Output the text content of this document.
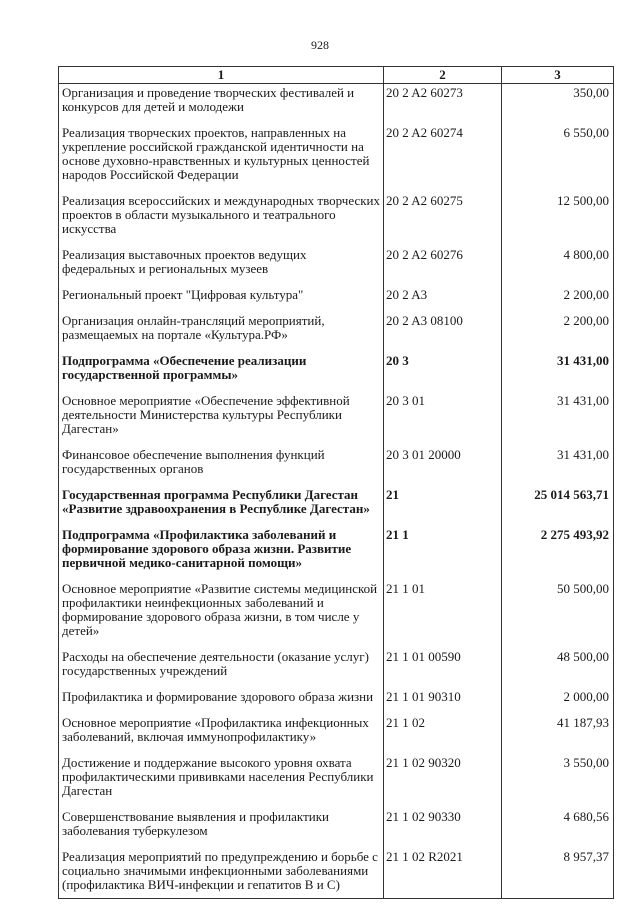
928
1	2	3
Организация и проведение творческих фестивалей и конкурсов для детей и молодежи	20 2 A2 60273	350,00
Реализация творческих проектов, направленных на укрепление российской гражданской идентичности на основе духовно-нравственных и культурных ценностей народов Российской Федерации	20 2 A2 60274	6 550,00
Реализация всероссийских и международных творческих проектов в области музыкального и театрального искусства	20 2 A2 60275	12 500,00
Реализация выставочных проектов ведущих федеральных и региональных музеев	20 2 A2 60276	4 800,00
Региональный проект "Цифровая культура"	20 2 A3	2 200,00
Организация онлайн-трансляций мероприятий, размещаемых на портале «Культура.РФ»	20 2 A3 08100	2 200,00
Подпрограмма «Обеспечение реализации государственной программы»	20 3	31 431,00
Основное мероприятие «Обеспечение эффективной деятельности Министерства культуры Республики Дагестан»	20 3 01	31 431,00
Финансовое обеспечение выполнения функций государственных органов	20 3 01 20000	31 431,00
Государственная программа Республики Дагестан «Развитие здравоохранения в Республике Дагестан»	21	25 014 563,71
Подпрограмма «Профилактика заболеваний и формирование здорового образа жизни. Развитие первичной медико-санитарной помощи»	21 1	2 275 493,92
Основное мероприятие «Развитие системы медицинской профилактики неинфекционных заболеваний и формирование здорового образа жизни, в том числе у детей»	21 1 01	50 500,00
Расходы на обеспечение деятельности (оказание услуг) государственных учреждений	21 1 01 00590	48 500,00
Профилактика и формирование здорового образа жизни	21 1 01 90310	2 000,00
Основное мероприятие «Профилактика инфекционных заболеваний, включая иммунопрофилактику»	21 1 02	41 187,93
Достижение и поддержание высокого уровня охвата профилактическими прививками населения Республики Дагестан	21 1 02 90320	3 550,00
Совершенствование выявления и профилактики заболевания туберкулезом	21 1 02 90330	4 680,56
Реализация мероприятий по предупреждению и борьбе с социально значимыми инфекционными заболеваниями (профилактика ВИЧ-инфекции и гепатитов В и С)	21 1 02 R2021	8 957,37
